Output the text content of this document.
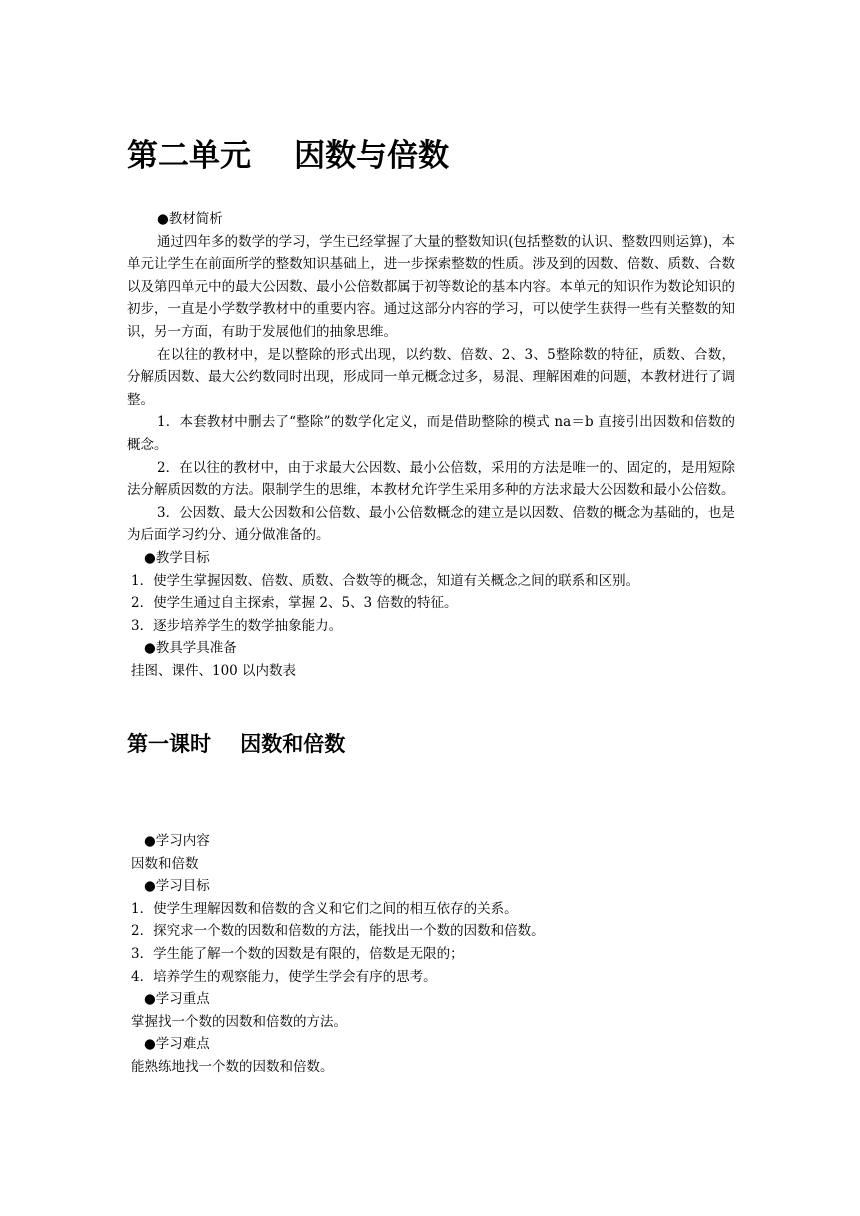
第二单元    因数与倍数
●教材简析

通过四年多的数学的学习，学生已经掌握了大量的整数知识(包括整数的认识、整数四则运算)，本单元让学生在前面所学的整数知识基础上，进一步探索整数的性质。涉及到的因数、倍数、质数、合数以及第四单元中的最大公因数、最小公倍数都属于初等数论的基本内容。本单元的知识作为数论知识的初步，一直是小学数学教材中的重要内容。通过这部分内容的学习，可以使学生获得一些有关整数的知识，另一方面，有助于发展他们的抽象思维。

在以往的教材中，是以整除的形式出现，以约数、倍数、2、3、5整除数的特征，质数、合数，分解质因数、最大公约数同时出现，形成同一单元概念过多，易混、理解困难的问题，本教材进行了调整。

1．本套教材中删去了“整除”的数学化定义，而是借助整除的模式 na＝b 直接引出因数和倍数的概念。

2．在以往的教材中，由于求最大公因数、最小公倍数，采用的方法是唯一的、固定的，是用短除法分解质因数的方法。限制学生的思维，本教材允许学生采用多种的方法求最大公因数和最小公倍数。

3．公因数、最大公因数和公倍数、最小公倍数概念的建立是以因数、倍数的概念为基础的，也是为后面学习约分、通分做准备的。

●教学目标
1．使学生掌握因数、倍数、质数、合数等的概念，知道有关概念之间的联系和区别。
2．使学生通过自主探索，掌握 2、5、3 倍数的特征。
3．逐步培养学生的数学抽象能力。
●教具学具准备
挂图、课件、100 以内数表
第一课时    因数和倍数
●学习内容
因数和倍数
●学习目标
1．使学生理解因数和倍数的含义和它们之间的相互依存的关系。
2．探究求一个数的因数和倍数的方法，能找出一个数的因数和倍数。
3．学生能了解一个数的因数是有限的，倍数是无限的；
4．培养学生的观察能力，使学生学会有序的思考。
●学习重点
掌握找一个数的因数和倍数的方法。
●学习难点
能熟练地找一个数的因数和倍数。
